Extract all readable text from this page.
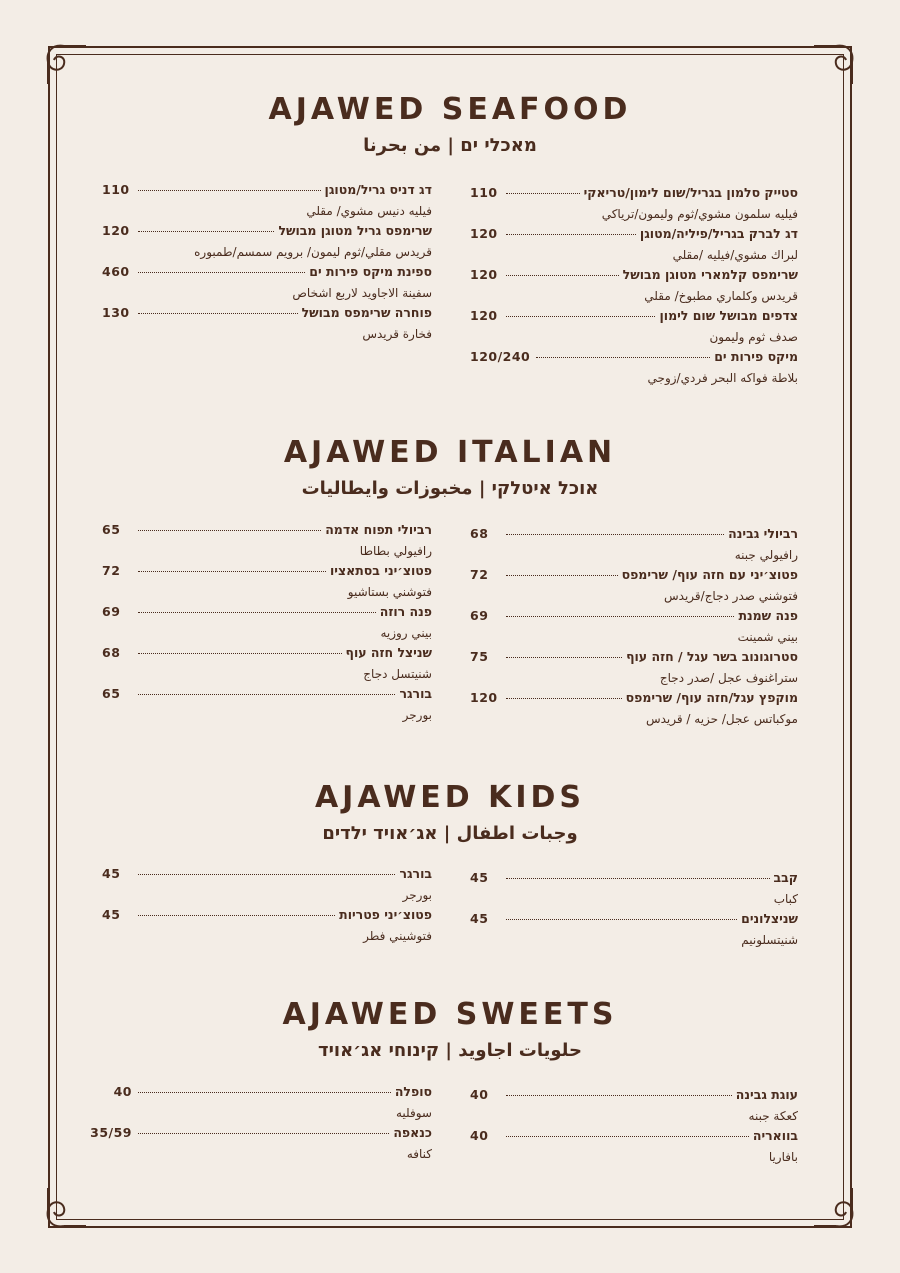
AJAWED SEAFOOD
מאכלי ים | من بحرنا
110	סטייק סלמון בגריל/שום לימון/טריאקי
فيليه سلمون مشوي/ثوم وليمون/ترياكي
120	דג לברק בגריל/פיליה/מטוגן
لبراك مشوي/فيليه /مقلي
120	שרימפס קלמארי מטוגן מבושל
قريدس وكلماري مطبوخ/ مقلي
120	צדפים מבושל שום לימון
صدف ثوم وليمون
120/240	מיקס פירות ים
بلاطة فواكه البحر فردي/زوجي
110	דג דניס גריל/מטוגן
فيليه دنيس مشوي/ مقلي
120	שרימפס גריל מטוגן מבושל
قريدس مقلي/ثوم ليمون/ برويم سمسم/طمبوره
460	ספינת מיקס פירות ים
سفينة الاجاويد لاربع اشخاص
130	פוחרה שרימפס מבושל
فخارة قريدس
AJAWED ITALIAN
אוכל איטלקי | مخبوزات وايطاليات
68	רביולי גבינה
رافيولي جبنه
72	פטוצ׳יני עם חזה עוף/ שרימפס
فتوشني صدر دجاج/قريدس
69	פנה שמנת
بيني شمينت
75	סטרוגונוב בשר עגל / חזה עוף
ستراغنوف عجل /صدر دجاج
120	מוקפץ עגל/חזה עוף/ שרימפס
موكباتس عجل/ حزيه / قريدس
65	רביולי תפוח אדמה
رافيولي بطاطا
72	פטוצ׳יני בסתאציו
فتوشني بستاشيو
69	פנה רוזה
بيني روزيه
68	שניצל חזה עוף
شنيتسل دجاج
65	בורגר
بورجر
AJAWED KIDS
وجبات اطفال | אג׳אויד ילדים
45	קבב
كباب
45	שניצלונים
شنيتسلونيم
45	בורגר
بورجر
45	פטוצ׳יני פטריות
فتوشيني فطر
AJAWED SWEETS
حلويات اجاويد | קינוחי אג׳אויד
40	עוגת גבינה
كعكة جبنه
40	בוואריה
بافاريا
40	סופלה
سوفليه
35/59	כנאפה
كنافه
